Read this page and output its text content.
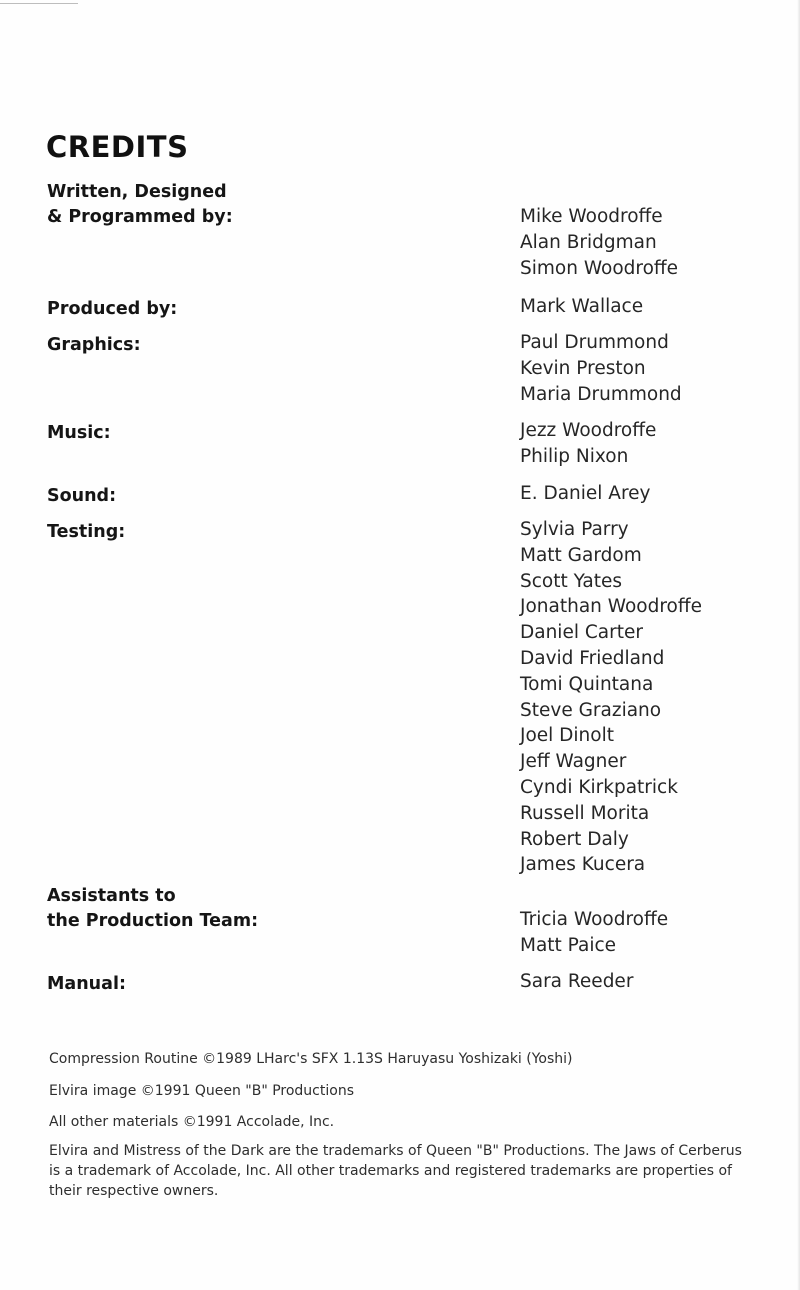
CREDITS
Written, Designed
& Programmed by:	Mike Woodroffe
Alan Bridgman
Simon Woodroffe
Produced by:	Mark Wallace
Graphics:	Paul Drummond
Kevin Preston
Maria Drummond
Music:	Jezz Woodroffe
Philip Nixon
Sound:	E. Daniel Arey
Testing:	Sylvia Parry
Matt Gardom
Scott Yates
Jonathan Woodroffe
Daniel Carter
David Friedland
Tomi Quintana
Steve Graziano
Joel Dinolt
Jeff Wagner
Cyndi Kirkpatrick
Russell Morita
Robert Daly
James Kucera
Assistants to
the Production Team:	Tricia Woodroffe
Matt Paice
Manual:	Sara Reeder
Compression Routine ©1989 LHarc's SFX 1.13S Haruyasu Yoshizaki (Yoshi)
Elvira image ©1991 Queen "B" Productions
All other materials ©1991 Accolade, Inc.
Elvira and Mistress of the Dark are the trademarks of Queen "B" Productions. The Jaws of Cerberus is a trademark of Accolade, Inc. All other trademarks and registered trademarks are properties of their respective owners.
